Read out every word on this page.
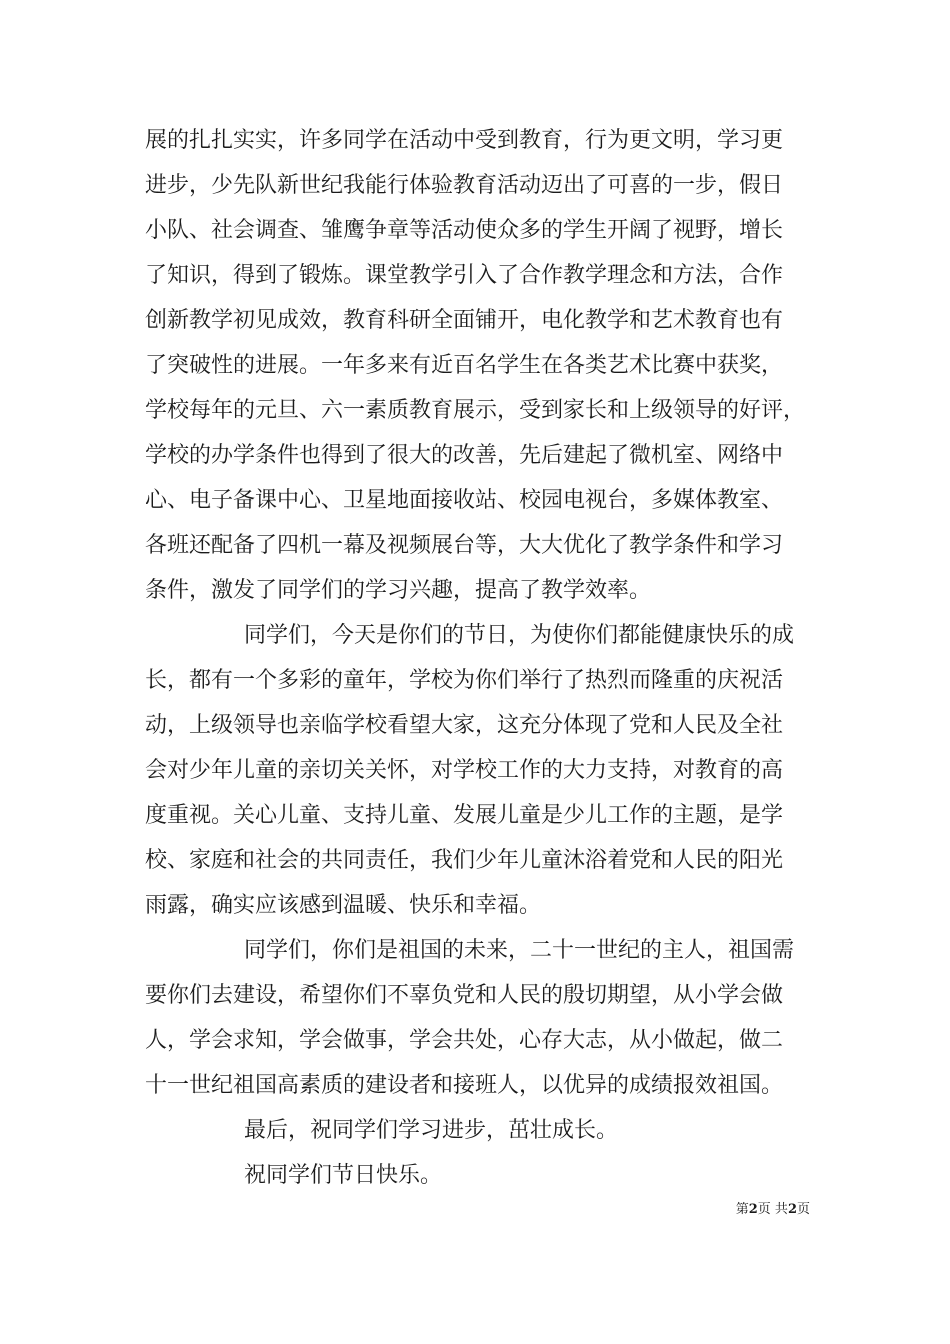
展的扎扎实实，许多同学在活动中受到教育，行为更文明，学习更
进步，少先队新世纪我能行体验教育活动迈出了可喜的一步，假日
小队、社会调查、雏鹰争章等活动使众多的学生开阔了视野，增长
了知识，得到了锻炼。课堂教学引入了合作教学理念和方法，合作
创新教学初见成效，教育科研全面铺开，电化教学和艺术教育也有
了突破性的进展。一年多来有近百名学生在各类艺术比赛中获奖，
学校每年的元旦、六一素质教育展示，受到家长和上级领导的好评，
学校的办学条件也得到了很大的改善，先后建起了微机室、网络中
心、电子备课中心、卫星地面接收站、校园电视台，多媒体教室、
各班还配备了四机一幕及视频展台等，大大优化了教学条件和学习
条件，激发了同学们的学习兴趣，提高了教学效率。
同学们，今天是你们的节日，为使你们都能健康快乐的成
长，都有一个多彩的童年，学校为你们举行了热烈而隆重的庆祝活
动，上级领导也亲临学校看望大家，这充分体现了党和人民及全社
会对少年儿童的亲切关关怀，对学校工作的大力支持，对教育的高
度重视。关心儿童、支持儿童、发展儿童是少儿工作的主题，是学
校、家庭和社会的共同责任，我们少年儿童沐浴着党和人民的阳光
雨露，确实应该感到温暖、快乐和幸福。
同学们，你们是祖国的未来，二十一世纪的主人，祖国需
要你们去建设，希望你们不辜负党和人民的殷切期望，从小学会做
人，学会求知，学会做事，学会共处，心存大志，从小做起，做二
十一世纪祖国高素质的建设者和接班人，以优异的成绩报效祖国。
最后，祝同学们学习进步，茁壮成长。
祝同学们节日快乐。
第2页 共2页
